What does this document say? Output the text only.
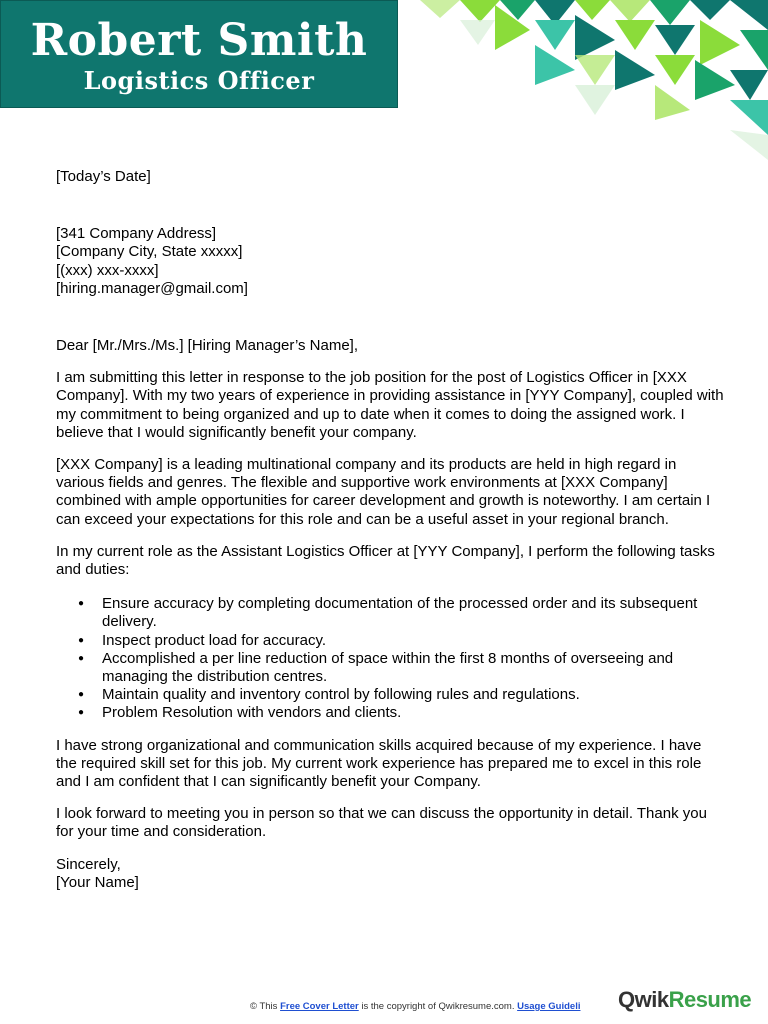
Robert Smith
Logistics Officer

[Today’s Date]

[341 Company Address]
[Company City, State xxxxx]
[(xxx) xxx-xxxx]
[hiring.manager@gmail.com]

Dear [Mr./Mrs./Ms.] [Hiring Manager’s Name],

I am submitting this letter in response to the job position for the post of Logistics Officer in [XXX Company]. With my two years of experience in providing assistance in [YYY Company], coupled with my commitment to being organized and up to date when it comes to doing the assigned work. I believe that I would significantly benefit your company.

[XXX Company] is a leading multinational company and its products are held in high regard in various fields and genres. The flexible and supportive work environments at [XXX Company] combined with ample opportunities for career development and growth is noteworthy. I am certain I can exceed your expectations for this role and can be a useful asset in your regional branch.

In my current role as the Assistant Logistics Officer at [YYY Company], I perform the following tasks and duties:

● Ensure accuracy by completing documentation of the processed order and its subsequent delivery.
● Inspect product load for accuracy.
● Accomplished a per line reduction of space within the first 8 months of overseeing and managing the distribution centres.
● Maintain quality and inventory control by following rules and regulations.
● Problem Resolution with vendors and clients.

I have strong organizational and communication skills acquired because of my experience. I have the required skill set for this job. My current work experience has prepared me to excel in this role and I am confident that I can significantly benefit your Company.

I look forward to meeting you in person so that we can discuss the opportunity in detail. Thank you for your time and consideration.

Sincerely,
[Your Name]

© This Free Cover Letter is the copyright of Qwikresume.com. Usage Guideli QwikResume
